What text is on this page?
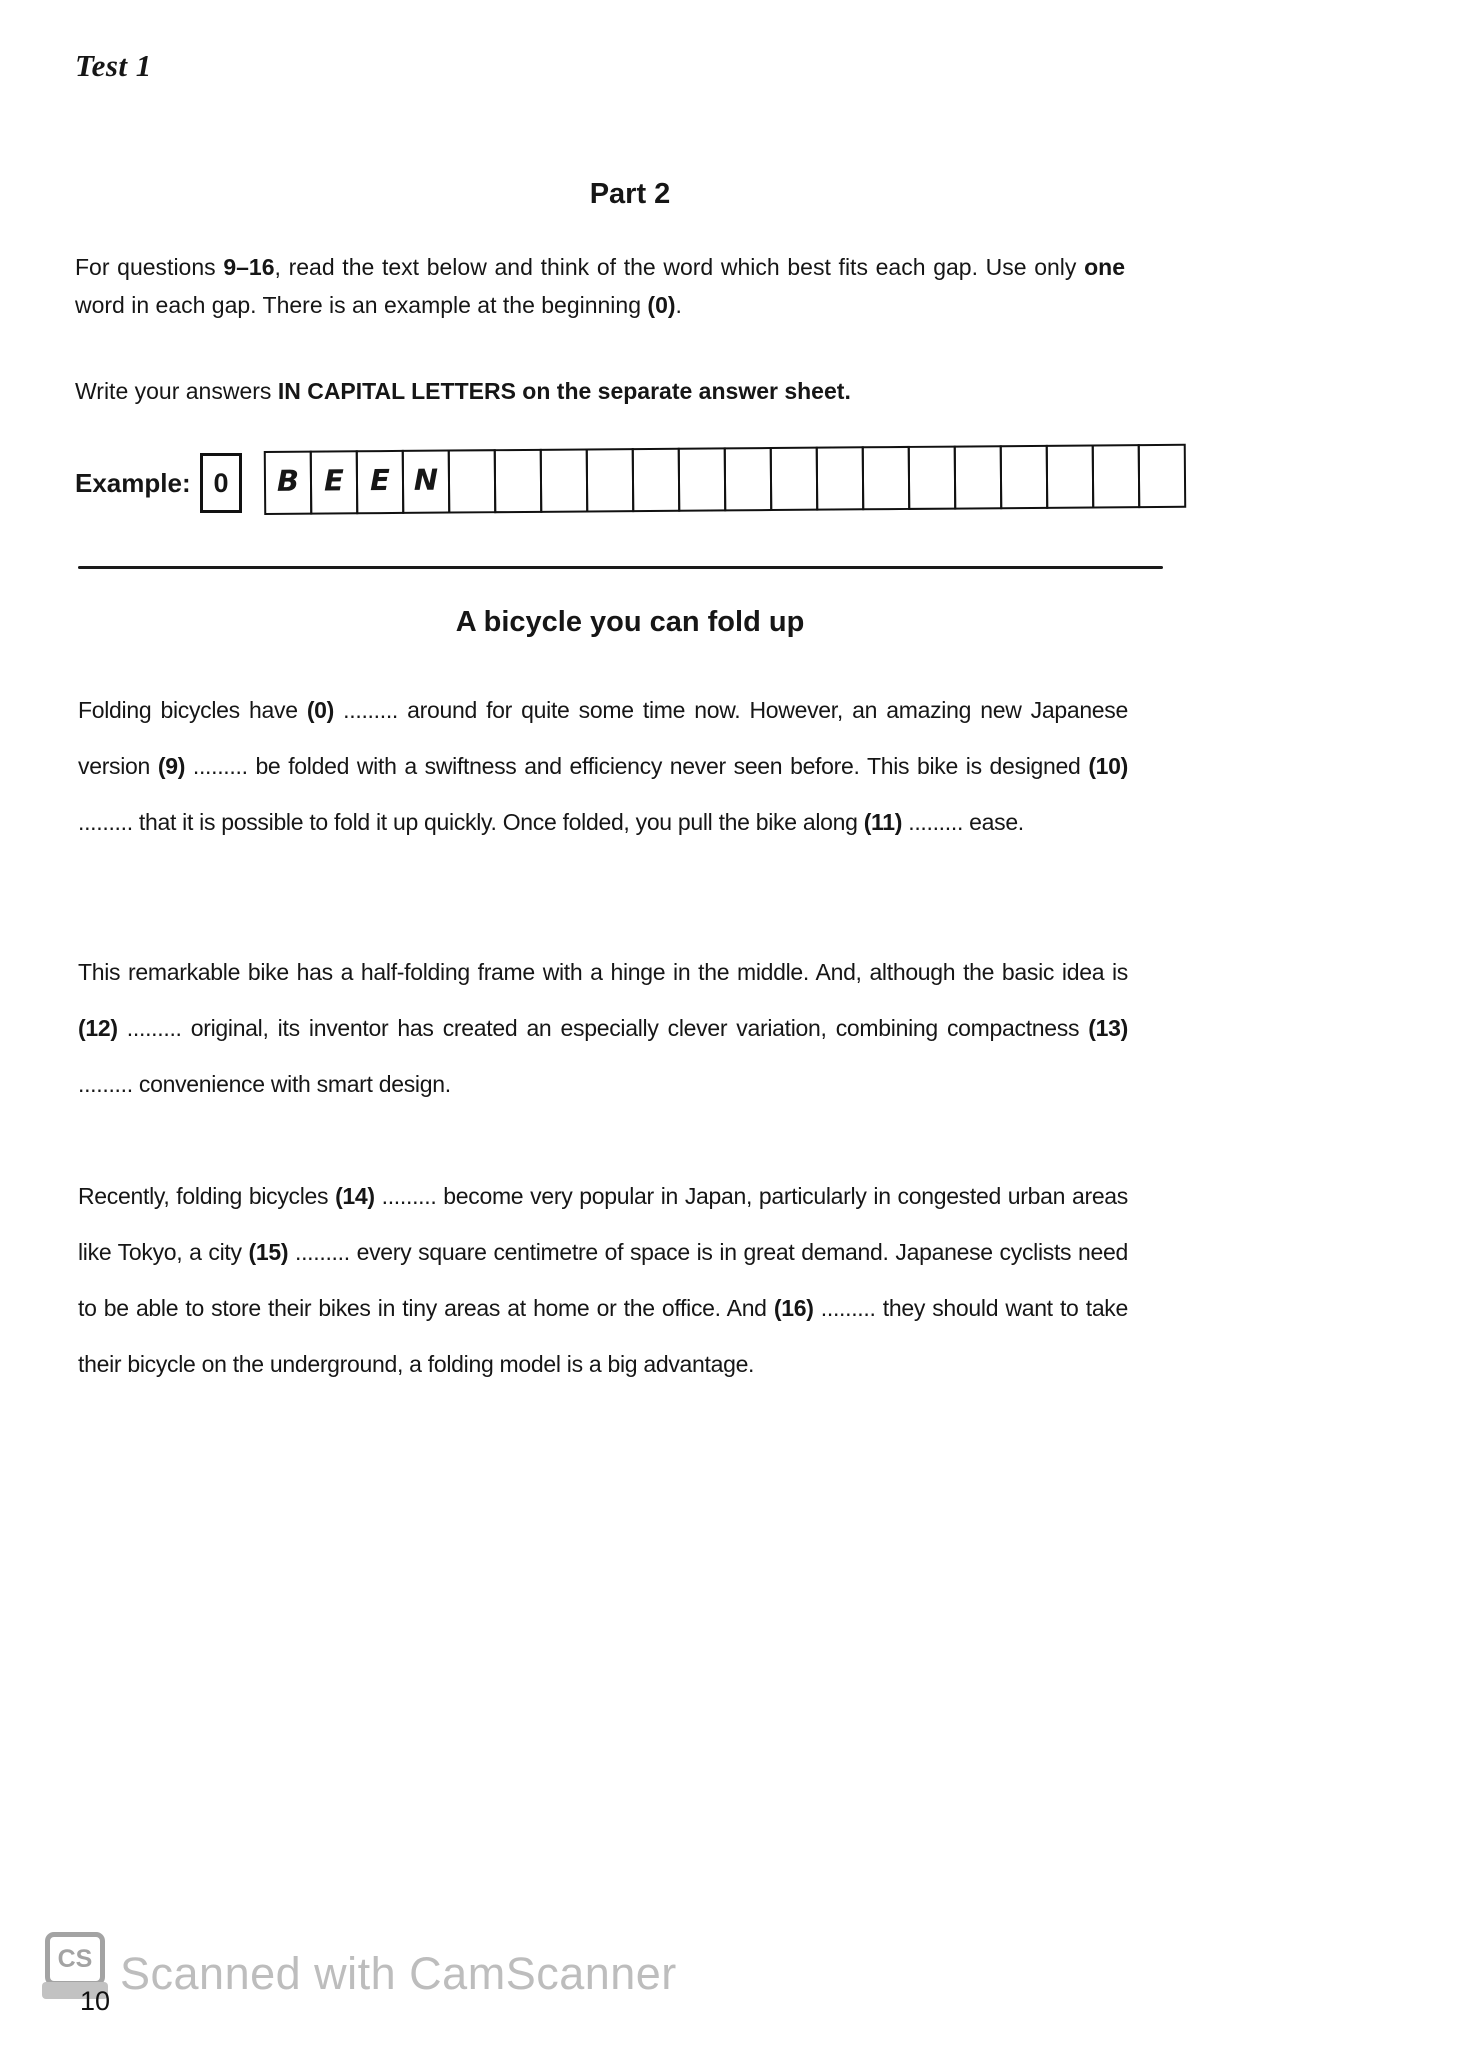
Test 1
Part 2
For questions 9–16, read the text below and think of the word which best fits each gap. Use only one word in each gap. There is an example at the beginning (0).
Write your answers IN CAPITAL LETTERS on the separate answer sheet.
Example: 0	B E E N
A bicycle you can fold up
Folding bicycles have (0) ......... around for quite some time now. However, an amazing new Japanese version (9) ......... be folded with a swiftness and efficiency never seen before. This bike is designed (10) ......... that it is possible to fold it up quickly. Once folded, you pull the bike along (11) ......... ease.
This remarkable bike has a half-folding frame with a hinge in the middle. And, although the basic idea is (12) ......... original, its inventor has created an especially clever variation, combining compactness (13) ......... convenience with smart design.
Recently, folding bicycles (14) ......... become very popular in Japan, particularly in congested urban areas like Tokyo, a city (15) ......... every square centimetre of space is in great demand. Japanese cyclists need to be able to store their bikes in tiny areas at home or the office. And (16) ......... they should want to take their bicycle on the underground, a folding model is a big advantage.
CS
10
Scanned with CamScanner
